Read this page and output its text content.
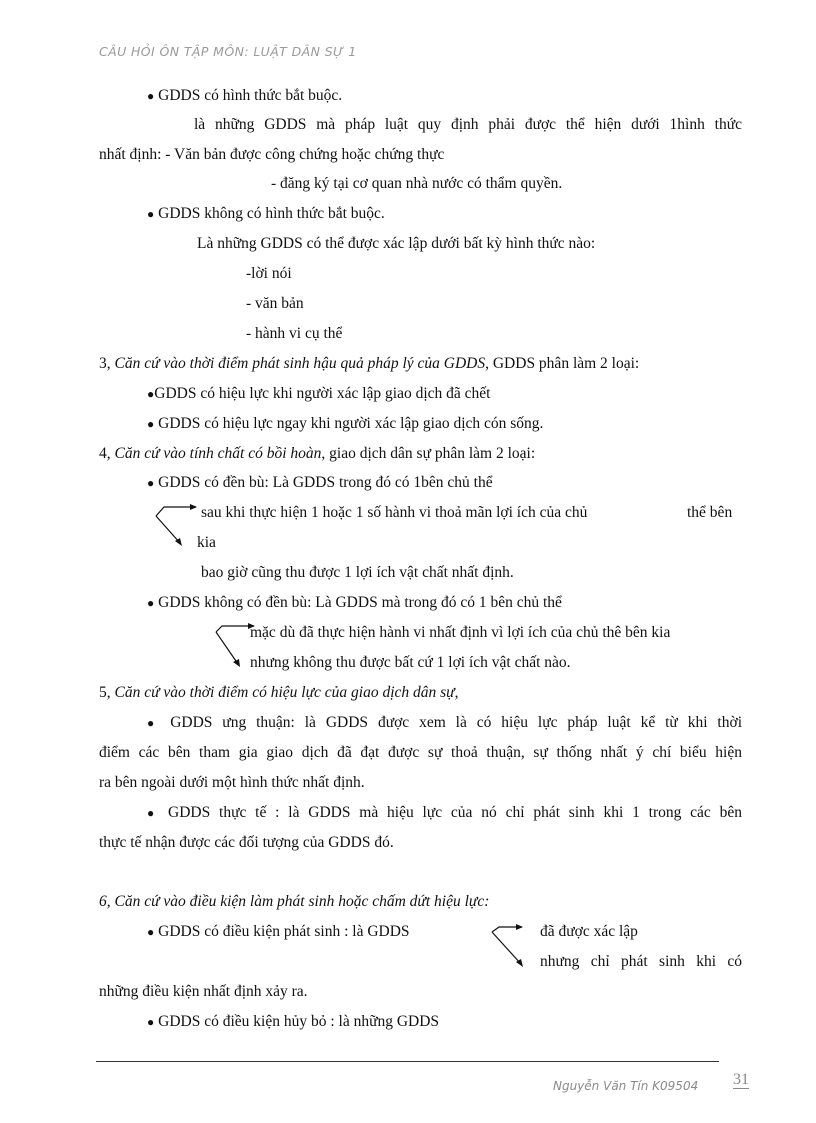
CÂU HỎI ÔN TẬP MÔN: LUẬT DÂN SỰ 1
● GDDS có hình thức bắt buộc.
là những GDDS mà pháp luật quy định phải được thể hiện dưới 1hình thức
nhất định: - Văn bản được công chứng hoặc chứng thực
- đăng ký tại cơ quan nhà nước có thẩm quyền.
● GDDS không có hình thức bắt buộc.
Là những GDDS có thể được xác lập dưới bất kỳ hình thức nào:
-lời nói
- văn bản
- hành vi cụ thể
3, Căn cứ vào thời điểm phát sinh hậu quả pháp lý của GDDS, GDDS phân làm 2 loại:
●GDDS có hiệu lực khi người xác lập giao dịch đã chết
● GDDS có hiệu lực ngay khi người xác lập giao dịch cón sống.
4, Căn cứ vào tính chất có bồi hoàn, giao dịch dân sự phân làm 2 loại:
● GDDS có đền bù: Là GDDS trong đó có 1bên chủ thể
sau khi thực hiện 1 hoặc 1 số hành vi thoả mãn lợi ích của chủ	thể bên
kia
bao giờ cũng thu được 1 lợi ích vật chất nhất định.
● GDDS không có đền bù: Là GDDS mà trong đó có 1 bên chủ thể
mặc dù đã thực hiện hành vi nhất định vì lợi ích của chủ thê bên kia
nhưng không thu được bất cứ 1 lợi ích vật chất nào.
5, Căn cứ vào thời điểm có hiệu lực của giao dịch dân sự,
● GDDS ưng thuận: là GDDS được xem là có hiệu lực pháp luật kể từ khi thời
điểm các bên tham gia giao dịch đã đạt được sự thoả thuận, sự thống nhất ý chí biểu hiện
ra bên ngoài dưới một hình thức nhất định.
● GDDS thực tế : là GDDS mà hiệu lực của nó chỉ phát sinh khi 1 trong các bên
thực tế nhận được các đối tượng của GDDS đó.
6, Căn cứ vào điều kiện làm phát sinh hoặc chấm dứt hiệu lực:
● GDDS có điều kiện phát sinh : là GDDS	đã được xác lập
nhưng chỉ phát sinh khi có
những điều kiện nhất định xảy ra.
● GDDS có điều kiện hủy bỏ : là những GDDS
Nguyễn Văn Tín K09504 31
